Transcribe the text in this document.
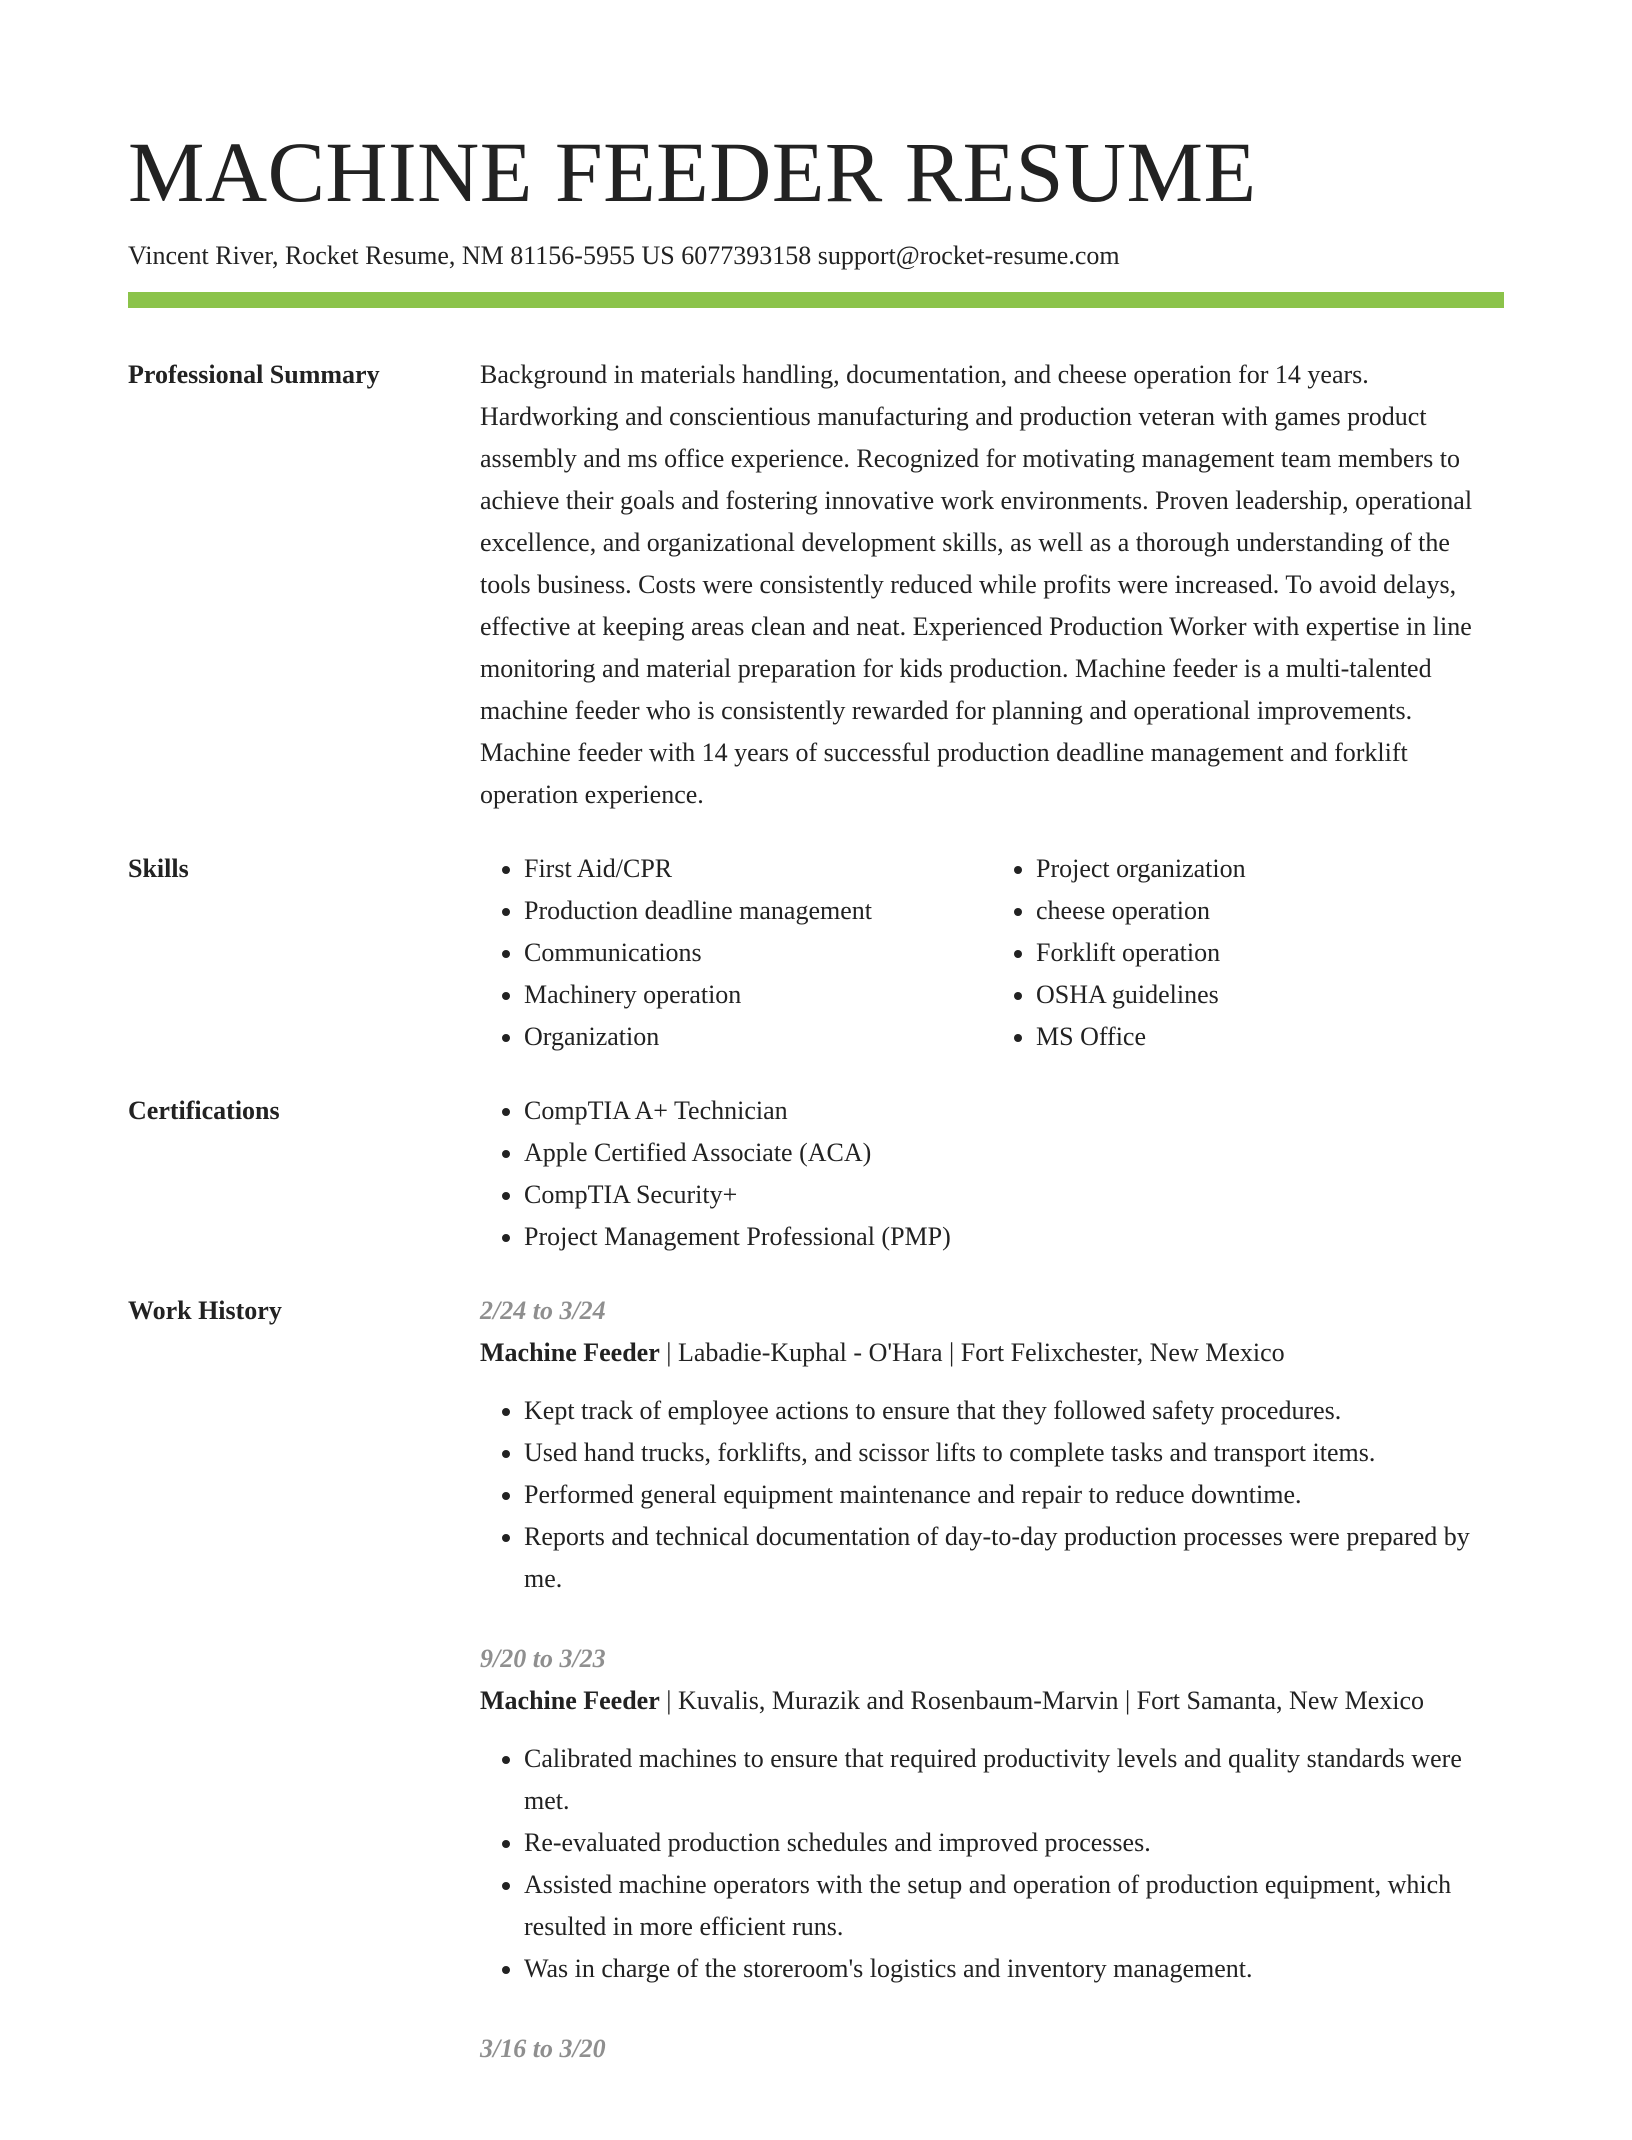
MACHINE FEEDER RESUME
Vincent River, Rocket Resume, NM 81156-5955 US 6077393158 support@rocket-resume.com
Professional Summary	Background in materials handling, documentation, and cheese operation for 14 years. Hardworking and conscientious manufacturing and production veteran with games product assembly and ms office experience. Recognized for motivating management team members to achieve their goals and fostering innovative work environments. Proven leadership, operational excellence, and organizational development skills, as well as a thorough understanding of the tools business. Costs were consistently reduced while profits were increased. To avoid delays, effective at keeping areas clean and neat. Experienced Production Worker with expertise in line monitoring and material preparation for kids production. Machine feeder is a multi-talented machine feeder who is consistently rewarded for planning and operational improvements. Machine feeder with 14 years of successful production deadline management and forklift operation experience.

Skills	• First Aid/CPR
• Production deadline management
• Communications
• Machinery operation
• Organization
• Project organization
• cheese operation
• Forklift operation
• OSHA guidelines
• MS Office
Certifications	• CompTIA A+ Technician
• Apple Certified Associate (ACA)
• CompTIA Security+
• Project Management Professional (PMP)
Work History	2/24 to 3/24
Machine Feeder | Labadie-Kuphal - O'Hara | Fort Felixchester, New Mexico
• Kept track of employee actions to ensure that they followed safety procedures.
• Used hand trucks, forklifts, and scissor lifts to complete tasks and transport items.
• Performed general equipment maintenance and repair to reduce downtime.
• Reports and technical documentation of day-to-day production processes were prepared by me.
9/20 to 3/23
Machine Feeder | Kuvalis, Murazik and Rosenbaum-Marvin | Fort Samanta, New Mexico
• Calibrated machines to ensure that required productivity levels and quality standards were met.
• Re-evaluated production schedules and improved processes.
• Assisted machine operators with the setup and operation of production equipment, which resulted in more efficient runs.
• Was in charge of the storeroom's logistics and inventory management.
3/16 to 3/20
